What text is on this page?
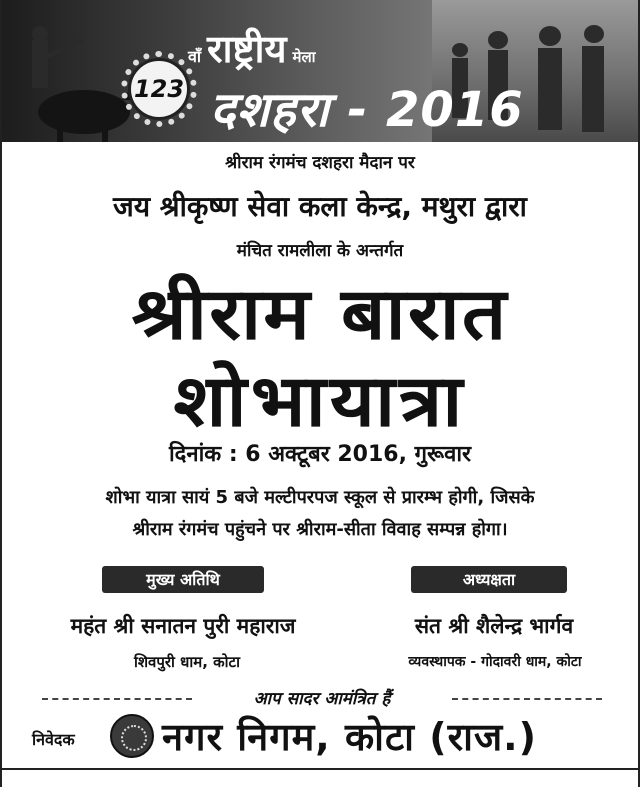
123
वाँ राष्ट्रीय मेला
दशहरा - 2016
श्रीराम रंगमंच दशहरा मैदान पर
जय श्रीकृष्ण सेवा कला केन्द्र, मथुरा द्वारा
मंचित रामलीला के अन्तर्गत
श्रीराम बारात
शोभायात्रा
दिनांक : 6 अक्टूबर 2016, गुरूवार
शोभा यात्रा सायं 5 बजे मल्टीपरपज स्कूल से प्रारम्भ होगी, जिसके
श्रीराम रंगमंच पहुंचने पर श्रीराम-सीता विवाह सम्पन्न होगा।
मुख्य अतिथि	अध्यक्षता
महंत श्री सनातन पुरी महाराज	संत श्री शैलेन्द्र भार्गव
शिवपुरी धाम, कोटा	व्यवस्थापक - गोदावरी धाम, कोटा
आप सादर आमंत्रित हैं
निवेदक नगर निगम, कोटा (राज.)
